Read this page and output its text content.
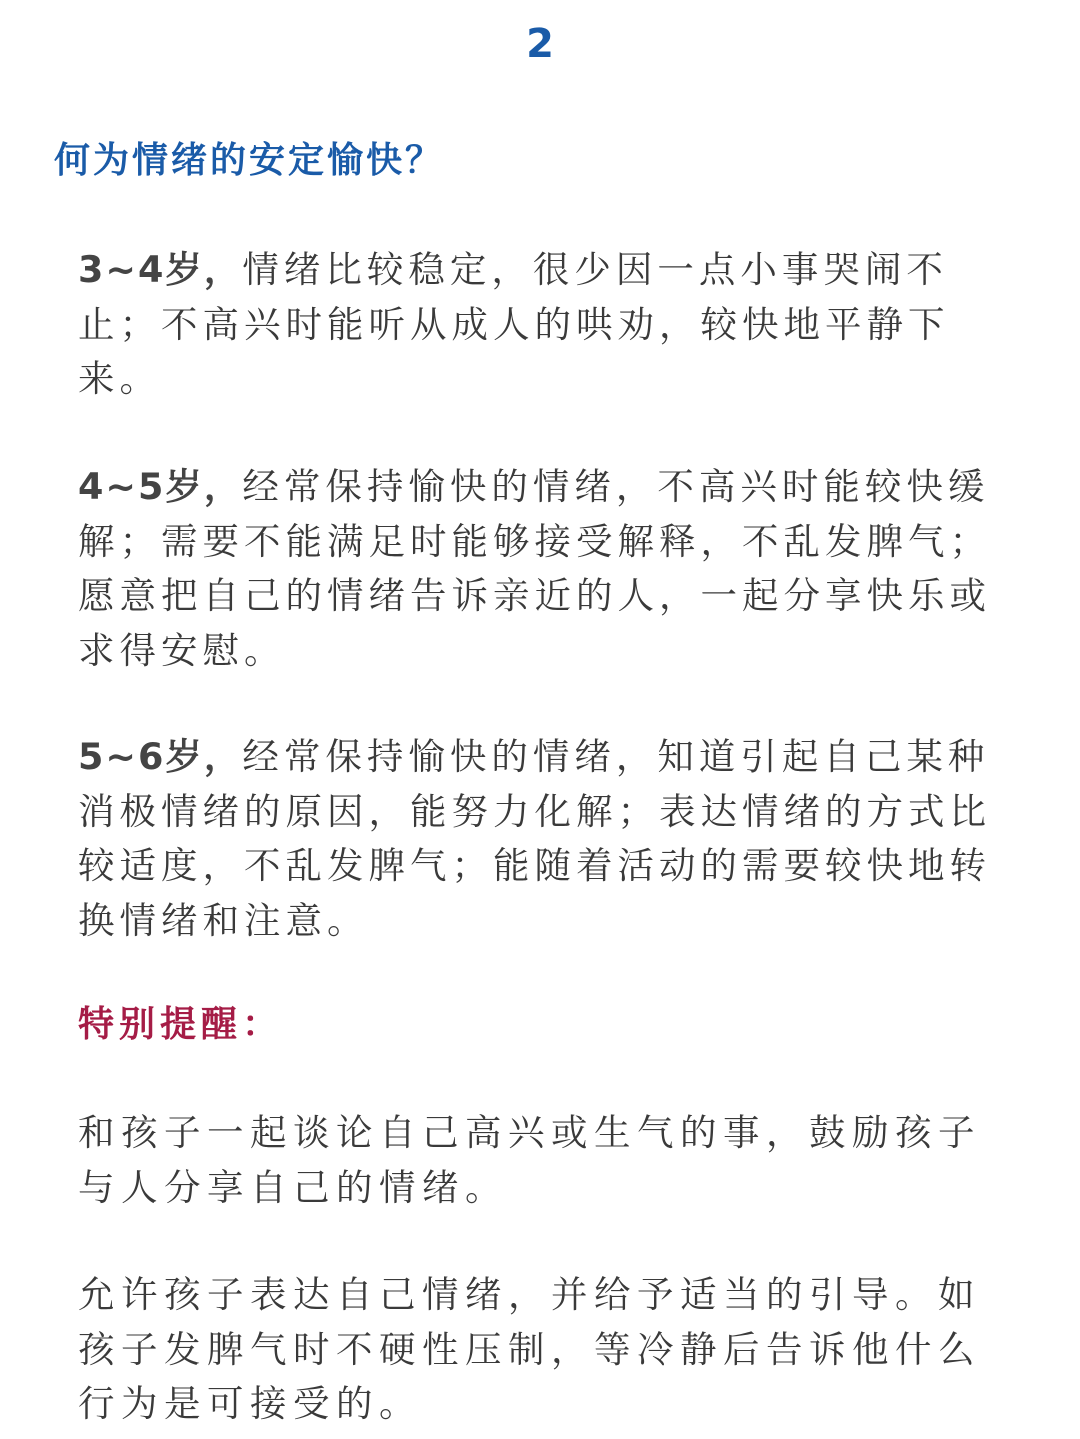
2
何为情绪的安定愉快？

3~4岁，情绪比较稳定，很少因一点小事哭闹不止；不高兴时能听从成人的哄劝，较快地平静下来。

4~5岁，经常保持愉快的情绪，不高兴时能较快缓解；需要不能满足时能够接受解释，不乱发脾气；愿意把自己的情绪告诉亲近的人，一起分享快乐或求得安慰。

5~6岁，经常保持愉快的情绪，知道引起自己某种消极情绪的原因，能努力化解；表达情绪的方式比较适度，不乱发脾气；能随着活动的需要较快地转换情绪和注意。

特别提醒：

和孩子一起谈论自己高兴或生气的事，鼓励孩子与人分享自己的情绪。

允许孩子表达自己情绪，并给予适当的引导。如孩子发脾气时不硬性压制，等冷静后告诉他什么行为是可接受的。
